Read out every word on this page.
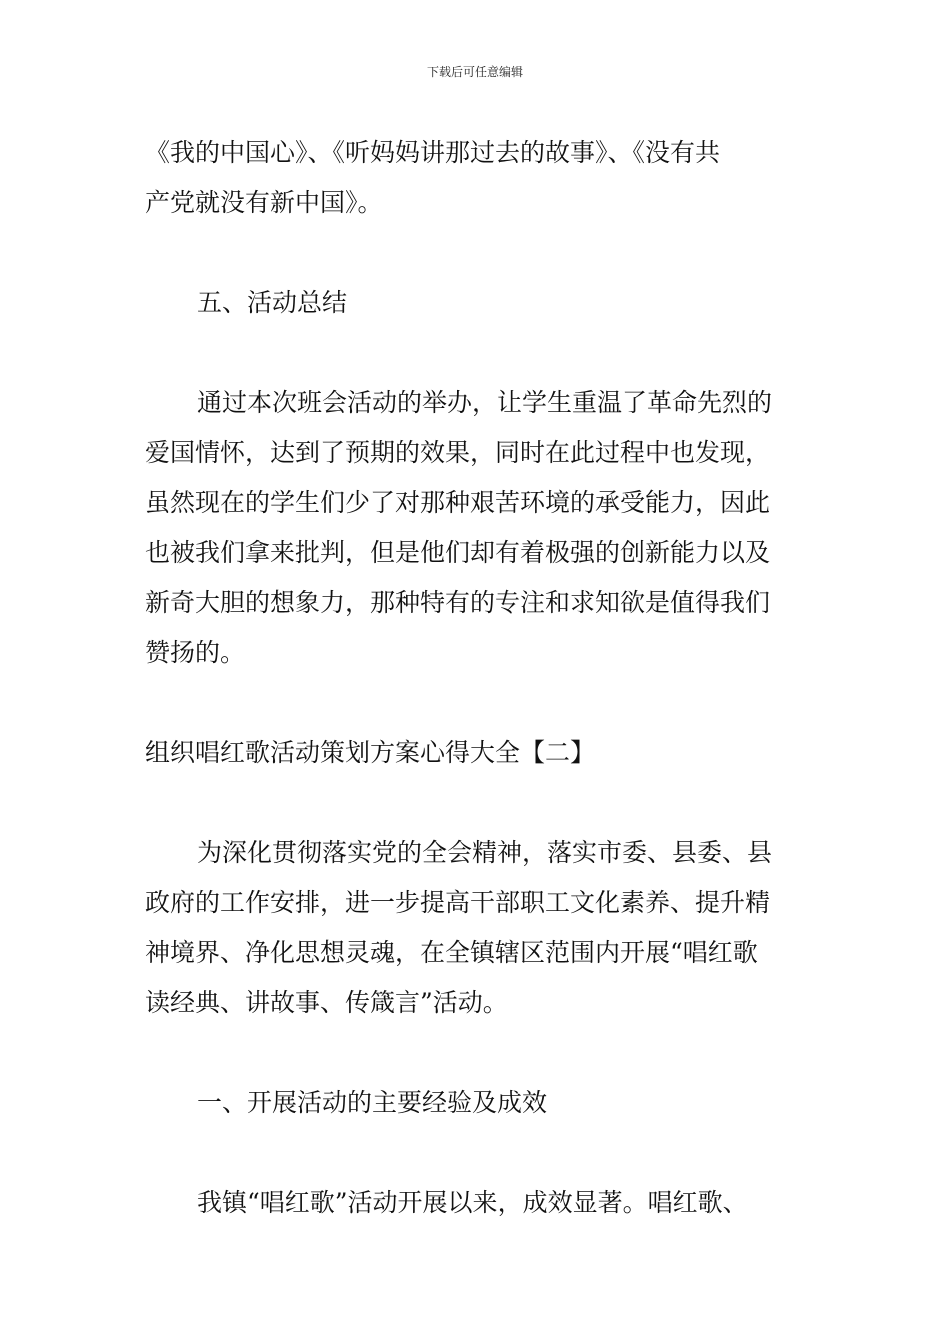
下载后可任意编辑
《我的中国心》、《听妈妈讲那过去的故事》、《没有共
产党就没有新中国》。
五、活动总结
通过本次班会活动的举办，让学生重温了革命先烈的
爱国情怀，达到了预期的效果，同时在此过程中也发现，
虽然现在的学生们少了对那种艰苦环境的承受能力，因此
也被我们拿来批判，但是他们却有着极强的创新能力以及
新奇大胆的想象力，那种特有的专注和求知欲是值得我们
赞扬的。
组织唱红歌活动策划方案心得大全【二】
为深化贯彻落实党的全会精神，落实市委、县委、县
政府的工作安排，进一步提高干部职工文化素养、提升精
神境界、净化思想灵魂，在全镇辖区范围内开展“唱红歌
读经典、讲故事、传箴言”活动。
一、开展活动的主要经验及成效
我镇“唱红歌”活动开展以来，成效显著。唱红歌、
